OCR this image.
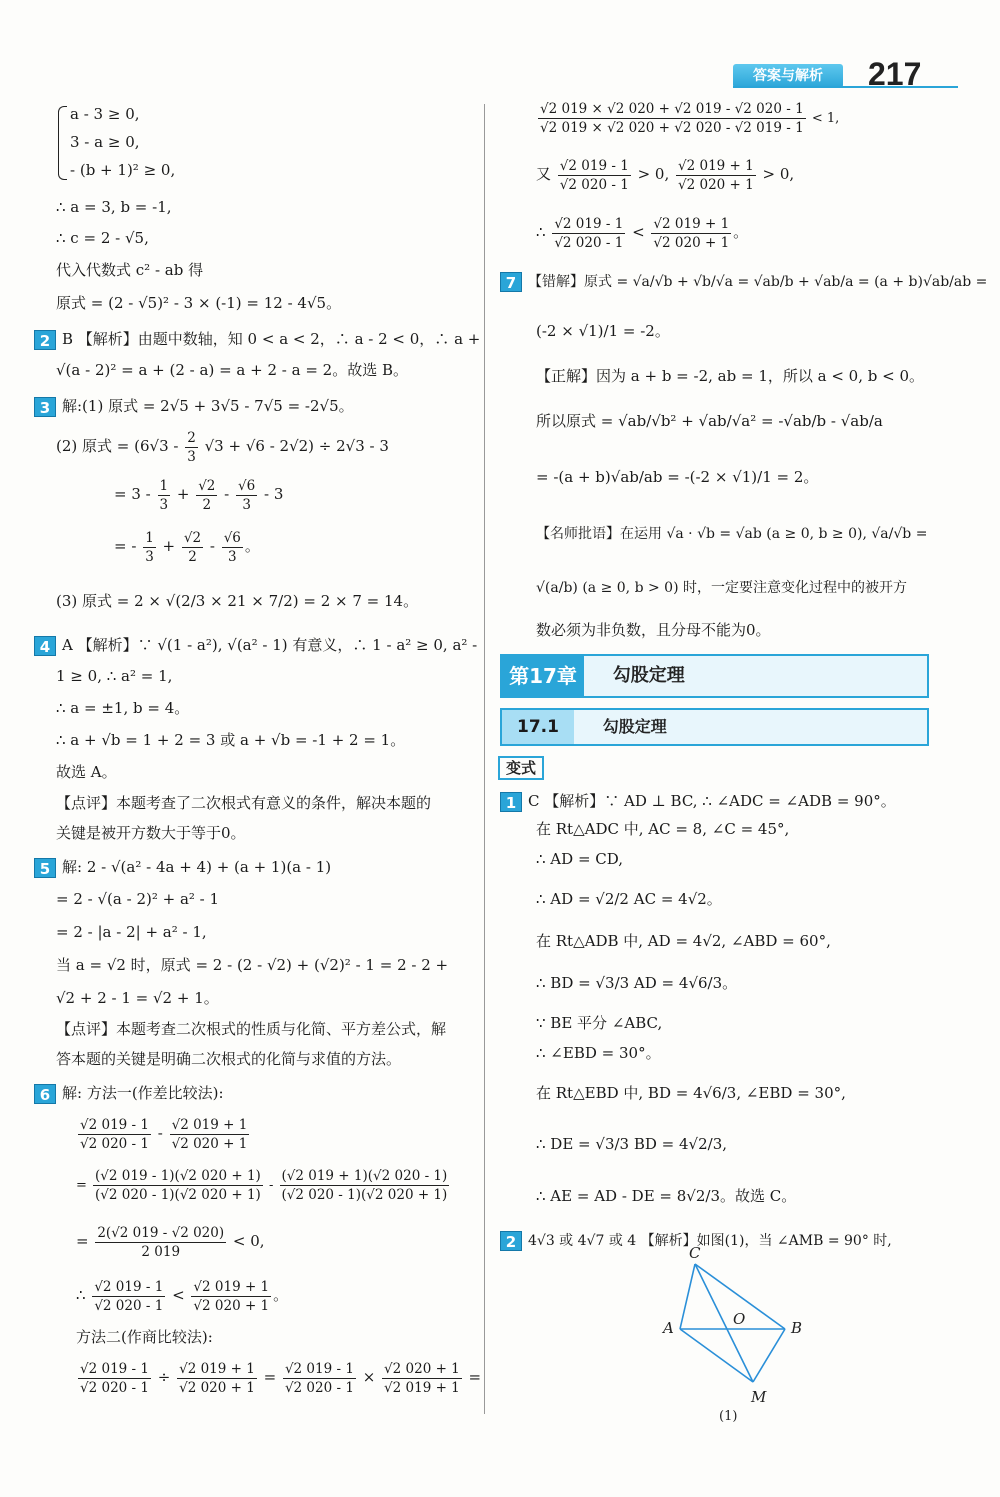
答案与解析	217

a - 3 ≥ 0,

3 - a ≥ 0,

- (b + 1)² ≥ 0,

∴ a = 3, b = -1,

∴ c = 2 - √5,

代入代数式 c² - ab 得

原式 = (2 - √5)² - 3 × (-1) = 12 - 4√5。

2 B 【解析】由题中数轴，知 0 < a < 2，∴ a - 2 < 0，∴ a +

√(a - 2)² = a + (2 - a) = a + 2 - a = 2。故选 B。

3 解:(1) 原式 = 2√5 + 3√5 - 7√5 = -2√5。

(2) 原式 = $(6√3 - \frac{2}{3} √3 + √6 - 2√2) \div 2√3 - 3$

= $3 - \frac{1}{3} + \frac{√2}{2} - \frac{√6}{3} - 3$

= - $\frac{1}{3} + \frac{√2}{2} - \frac{√6}{3}$ 。

(3) 原式 = 2 × √(2/3 × 21 × 7/2) = 2 × 7 = 14。

4 A 【解析】∵ √(1 - a²), √(a² - 1) 有意义，∴ 1 - a² ≥ 0, a² -

1 ≥ 0, ∴ a² = 1,

∴ a = ±1, b = 4。

∴ a + √b = 1 + 2 = 3 或 a + √b = -1 + 2 = 1。

故选 A。

【点评】本题考查了二次根式有意义的条件，解决本题的

关键是被开方数大于等于0。

5 解: 2 - √(a² - 4a + 4) + (a + 1)(a - 1)

= 2 - √(a - 2)² + a² - 1

= 2 - |a - 2| + a² - 1,

当 a = √2 时，原式 = 2 - (2 - √2) + (√2)² - 1 = 2 - 2 +

√2 + 2 - 1 = √2 + 1。

【点评】本题考查二次根式的性质与化简、平方差公式，解

答本题的关键是明确二次根式的化简与求值的方法。

6 解: 方法一(作差比较法):

$\frac{√2 019 - 1}{√2 020 - 1} - \frac{√2 019 + 1}{√2 020 + 1}$

= $\frac{(√2 019 - 1)(√2 020 + 1)}{(√2 020 - 1)(√2 020 + 1)} - \frac{(√2 019 + 1)(√2 020 - 1)}{(√2 020 - 1)(√2 020 + 1)}$

= $\frac{2(√2 019 - √2 020)}{2 019} < 0$,

∴ $\frac{√2 019 - 1}{√2 020 - 1} < \frac{√2 019 + 1}{√2 020 + 1}$ 。

方法二(作商比较法):

$\frac{√2 019 - 1}{√2 020 - 1} \div \frac{√2 019 + 1}{√2 020 + 1} = \frac{√2 019 - 1}{√2 020 - 1} \times \frac{√2 020 + 1}{√2 019 + 1}$ =

$\frac{√2 019 \times √2 020 + √2 019 - √2 020 - 1}{√2 019 \times √2 020 + √2 020 - √2 019 - 1} < 1$,

又 $\frac{√2 019 - 1}{√2 020 - 1} > 0$, $\frac{√2 019 + 1}{√2 020 + 1} > 0$,

∴ $\frac{√2 019 - 1}{√2 020 - 1} < \frac{√2 019 + 1}{√2 020 + 1}$ 。

7 【错解】原式 = √a/√b + √b/√a = √ab/b + √ab/a = (a + b)√ab/ab =

(-2 × √1)/1 = -2。

【正解】因为 a + b = -2, ab = 1，所以 a < 0, b < 0。

所以原式 = √ab/√b² + √ab/√a² = -√ab/b - √ab/a

= -(a + b)√ab/ab = -(-2 × √1)/1 = 2。

【名师批语】在运用 √a · √b = √ab (a ≥ 0, b ≥ 0), √a/√b =

√(a/b) (a ≥ 0, b > 0) 时，一定要注意变化过程中的被开方

数必须为非负数，且分母不能为0。

第17章 勾股定理
17.1	勾股定理
变式

1 C 【解析】∵ AD ⊥ BC, ∴ ∠ADC = ∠ADB = 90°。

在 Rt△ADC 中, AC = 8, ∠C = 45°,

∴ AD = CD,

∴ AD = √2/2 AC = 4√2。

在 Rt△ADB 中, AD = 4√2, ∠ABD = 60°,

∴ BD = √3/3 AD = 4√6/3。

∵ BE 平分 ∠ABC,

∴ ∠EBD = 30°。

在 Rt△EBD 中, BD = 4√6/3, ∠EBD = 30°,

∴ DE = √3/3 BD = 4√2/3,

∴ AE = AD - DE = 8√2/3。故选 C。

2 4√3 或 4√7 或 4 【解析】如图(1)，当 ∠AMB = 90° 时,

C
A	O	B
M
(1)
